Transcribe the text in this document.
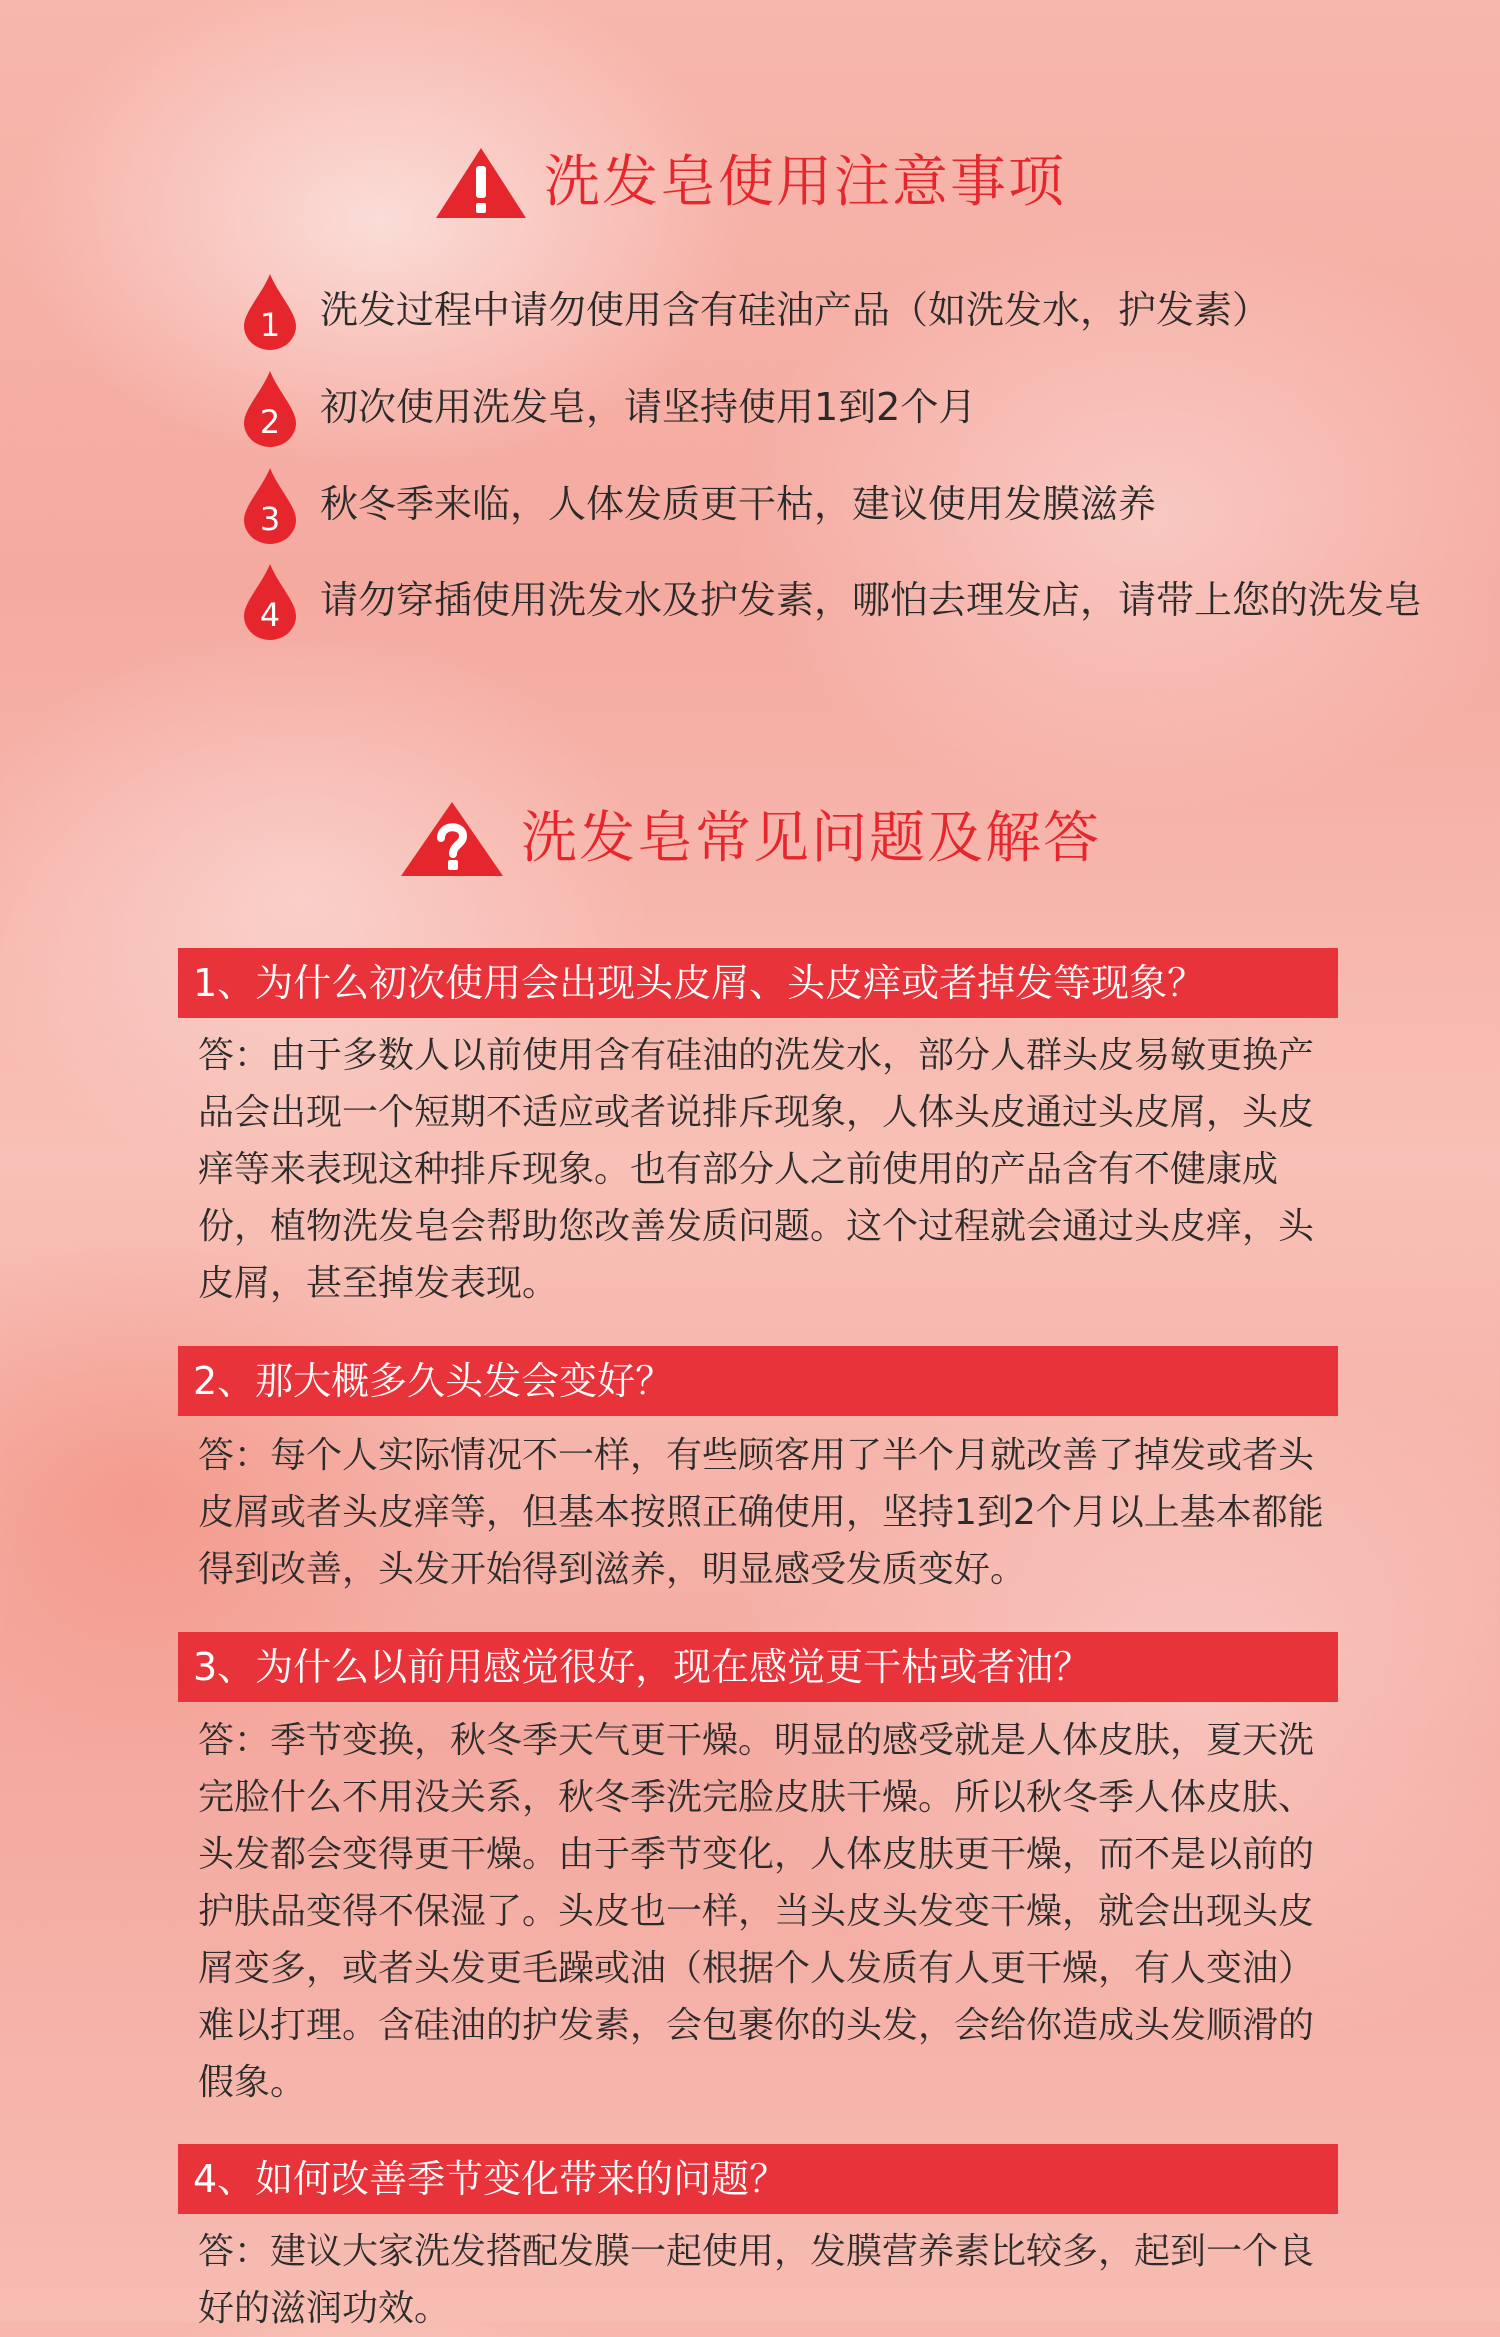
洗发皂使用注意事项
1	洗发过程中请勿使用含有硅油产品（如洗发水，护发素）
2	初次使用洗发皂，请坚持使用1到2个月
3	秋冬季来临，人体发质更干枯，建议使用发膜滋养
4	请勿穿插使用洗发水及护发素，哪怕去理发店，请带上您的洗发皂
洗发皂常见问题及解答
1、为什么初次使用会出现头皮屑、头皮痒或者掉发等现象？
答：由于多数人以前使用含有硅油的洗发水，部分人群头皮易敏更换产品会出现一个短期不适应或者说排斥现象，人体头皮通过头皮屑，头皮痒等来表现这种排斥现象。也有部分人之前使用的产品含有不健康成份，植物洗发皂会帮助您改善发质问题。这个过程就会通过头皮痒，头皮屑，甚至掉发表现。
2、那大概多久头发会变好？
答：每个人实际情况不一样，有些顾客用了半个月就改善了掉发或者头皮屑或者头皮痒等，但基本按照正确使用，坚持1到2个月以上基本都能得到改善，头发开始得到滋养，明显感受发质变好。
3、为什么以前用感觉很好，现在感觉更干枯或者油？
答：季节变换，秋冬季天气更干燥。明显的感受就是人体皮肤，夏天洗完脸什么不用没关系，秋冬季洗完脸皮肤干燥。所以秋冬季人体皮肤、头发都会变得更干燥。由于季节变化，人体皮肤更干燥，而不是以前的护肤品变得不保湿了。头皮也一样，当头皮头发变干燥，就会出现头皮屑变多，或者头发更毛躁或油（根据个人发质有人更干燥，有人变油）难以打理。含硅油的护发素，会包裹你的头发，会给你造成头发顺滑的假象。
4、如何改善季节变化带来的问题？
答：建议大家洗发搭配发膜一起使用，发膜营养素比较多，起到一个良好的滋润功效。
